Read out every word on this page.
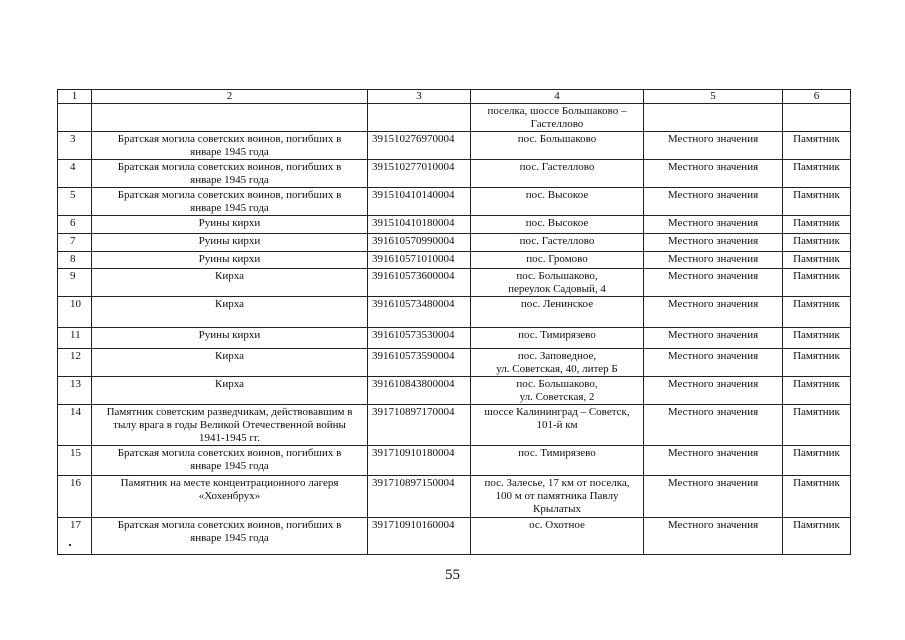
1	2	3	4	5	6
			поселка, шоссе Большаково –
Гастеллово		
3	Братская могила советских воинов, погибших в
январе 1945 года	391510276970004	пос. Большаково	Местного значения	Памятник
4	Братская могила советских воинов, погибших в
январе 1945 года	391510277010004	пос. Гастеллово	Местного значения	Памятник
5	Братская могила советских воинов, погибших в
январе 1945 года	391510410140004	пос. Высокое	Местного значения	Памятник
6	Руины кирхи	391510410180004	пос. Высокое	Местного значения	Памятник
7	Руины кирхи	391610570990004	пос. Гастеллово	Местного значения	Памятник
8	Руины кирхи	391610571010004	пос. Громово	Местного значения	Памятник
9	Кирха	391610573600004	пос. Большаково,
переулок Садовый, 4	Местного значения	Памятник
10	Кирха	391610573480004	пос. Ленинское	Местного значения	Памятник
11	Руины кирхи	391610573530004	пос. Тимирязево	Местного значения	Памятник
12	Кирха	391610573590004	пос. Заповедное,
ул. Советская, 40, литер Б	Местного значения	Памятник
13	Кирха	391610843800004	пос. Большаково,
ул. Советская, 2	Местного значения	Памятник
14	Памятник советским разведчикам, действовавшим в
тылу врага в годы Великой Отечественной войны
1941-1945 гг.	391710897170004	шоссе Калининград – Советск,
101-й км	Местного значения	Памятник
15	Братская могила советских воинов, погибших в
январе 1945 года	391710910180004	пос. Тимирязево	Местного значения	Памятник
16	Памятник на месте концентрационного лагеря
«Хохенбрух»	391710897150004	пос. Залесье, 17 км от поселка,
100 м от памятника Павлу
Крылатых	Местного значения	Памятник
17	Братская могила советских воинов, погибших в
январе 1945 года	391710910160004	ос. Охотное	Местного значения	Памятник
55
